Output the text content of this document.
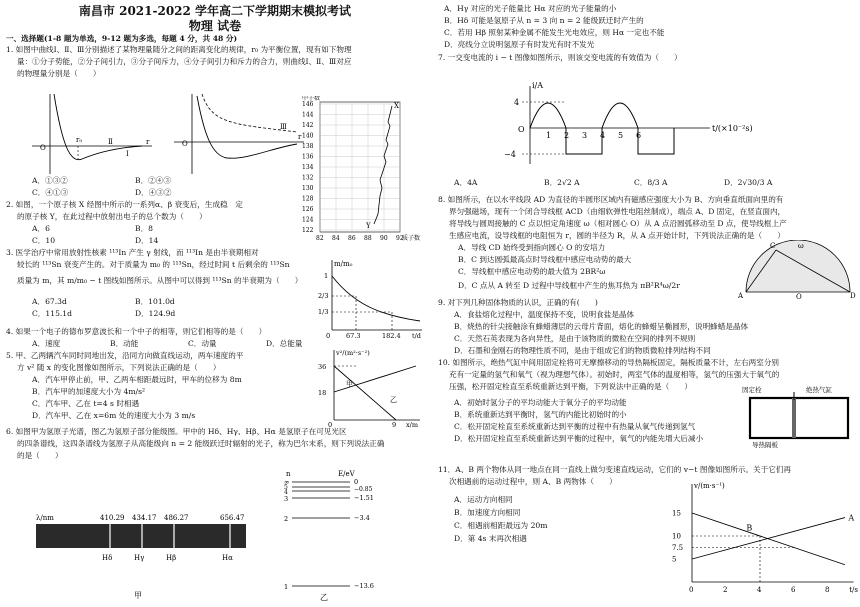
南昌市 2021-2022 学年高二下学期期末模拟考试
物理 试卷
一、选择题(1-8 题为单选，9-12 题为多选，每题 4 分，共 48 分)
1. 如图中曲线Ⅰ、Ⅱ、Ⅲ分别描述了某物理量随分之间的距离变化的规律，r₀ 为平衡位置，现有如下物理
量：①分子势能，②分子间引力，③分子间斥力，④分子间引力和斥力的合力，则曲线Ⅰ、Ⅱ、Ⅲ对应
的物理量分别是（　　）
O
r₀	r
Ⅰ
Ⅱ	O
r
Ⅲ
A．①③②	B．②④③
C．④①③	D．④③②
146
144
142
140
138
136
134
132
130
128
126
124
122
82 84 86 88 90 92
中子数
X
Y
质子数
2. 如图，一个原子核 X 经图中所示的一系列α、β 衰变后，生成稳　定
的原子核 Y，在此过程中放射出电子的总个数为（　　）
A．6	B．8
C．10	D．14
3. 医学治疗中常用放射性核素 ¹¹³In 产生 γ 射线，而 ¹¹³In 是由半衰期相对
较长的 ¹¹³Sn 衰变产生的。对于质量为 m₀ 的 ¹¹³Sn，经过时间 t 后剩余的 ¹¹³Sn
质量为 m，其 m/m₀ − t 图线如图所示。从图中可以得到 ¹¹³Sn 的半衰期为（　　）
A．67.3d	B．101.0d
C．115.1d	D．124.9d
m/m₀
1
2/3
1/3
0 67.3	182.4 t/d
4. 如果一个电子的德布罗意波长和一个中子的相等，则它们相等的是（　　）
A．速度	B．动能	C．动量	D．总能量
5. 甲、乙两辆汽车同时同地出发，沿同方向做直线运动，两车速度的平
方 v² 随 x 的变化图像如图所示，下列说法正确的是（　　）
A．汽车甲停止前，甲、乙两车相距最远时，甲车的位移为 8m
B．汽车甲的加速度大小为 4m/s²
C．汽车甲、乙在 t=4 s 时相遇
D．汽车甲、乙在 x=6m 处的速度大小为 3 m/s
v²/(m²·s⁻²)
36
18
0	9 x/m
甲
乙
6. 如图甲为氢原子光谱，图乙为氢原子部分能级图。甲中的 Hδ、Hγ、Hβ、Hα 是氢原子在可见光区
的四条谱线，这四条谱线为氢原子从高能级向 n = 2 能级跃迁时辐射的光子，称为巴尔末系，则下列说法正确
的是（　　）
λ/nm	410.29 434.17 486.27	656.47
Hδ	Hγ	Hβ	Hα
甲
n	E/eV
∞
5
4
3
2
1
0
−0.85
−1.51
−3.4
−13.6
乙
A．Hγ 对应的光子能量比 Hα 对应的光子能量的小
B．Hδ 可能是氢原子从 n = 3 向 n = 2 能级跃迁时产生的
C．若用 Hβ 照射某种金属不能发生光电效应，则 Hα 一定也不能
D．亮线分立说明氢原子有时发光有时不发光
7. 一交变电流的 i − t 图像如图所示，则该交变电流的有效值为（　　）
i/A
4
O
−4
1 2 3 4 5 6
t/(×10⁻²s)
A．4A	B．2√2 A	C．8/3 A	D．2√30/3 A
8. 如图所示，在以水平线段 AD 为直径的半圆形区域内有磁感应强度大小为 B、方向垂直纸面向里的有
界匀强磁场，现有一个闭合导线框 ACD（由细软弹性电阻丝制成），端点 A、D 固定，在竖直面内，
将导线与圆周接触的 C 点以恒定角速度 ω（相对圆心 O）从 A 点沿圆弧移动至 D 点，使导线框上产
生感应电流，设导线框的电阻恒为 r，圆的半径为 R，从 A 点开始计时，下列说法正确的是（　　）
A．导线 CD 始终受到指向圆心 O 的安培力
B．C 到达圆弧最高点时导线框中感应电动势的最大
C．导线框中感应电动势的最大值为 2BR²ω
D．C 点从 A 转至 D 过程中导线框中产生的焦耳热为 πB²R⁴ω/2r
A
C
D
O
ω
9. 对下列几种固体物质的认识，正确的有(　　)
A．食盐熔化过程中，温度保持不变，说明食盐是晶体
B．烧热的针尖接触涂有蜂蜡薄层的云母片背面，熔化的蜂蜡呈椭圆形，说明蜂蜡是晶体
C．天然石英表现为各向异性，是由于该物质的微粒在空间的排列不规则
D．石墨和金刚石的物理性质不同，是由于组成它们的物质微粒排列结构不同
10. 如图所示，绝热气缸中间用固定栓将可无摩擦移动的导热隔板固定，隔板质量不计，左右两室分别
充有一定量的氢气和氧气（视为理想气体）。初始时，两室气体的温度相等，氢气的压强大于氧气的
压强，松开固定栓直至系统重新达到平衡，下列说法中正确的是（　　）
A．初始时氢分子的平均动能大于氧分子的平均动能
B．系统重新达到平衡时，氢气的内能比初始时的小
C．松开固定栓直至系统重新达到平衡的过程中有热量从氧气传递到氢气
D．松开固定栓直至系统重新达到平衡的过程中，氧气的内能先增大后减小
固定栓	绝热气缸
导热隔板
11．A、B 两个物体从同一地点在同一直线上做匀变速直线运动，它们的 v−t 图像如图所示。关于它们再
次相遇前的运动过程中，则 A、B 两物体（　　）
A．运动方向相同
B．加速度方向相同
C．相遇前相距最远为 20m
D．第 4s 末再次相遇
15
10
7.5
5
0	2	4	6	8
v/(m·s⁻¹)
t/s
A
B
